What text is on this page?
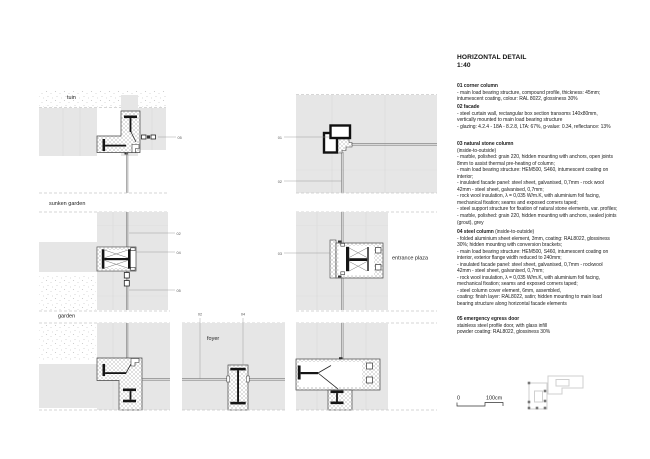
tuin
05	01
02
sunken garden
02
04
05
03
entrance plaza
garden
foyer
02	04
0	100cm
HORIZONTAL DETAIL
1:40
01 corner column
- main load bearing structure, compound profile, thickness: 45mm;
intumescent coating, colour: RAL 8022, glossiness 30%
02 facade
- steel curtain wall, rectangular box section transoms 140x80mm,
vertically mounted to main load bearing structure
- glazing: 4.2.4 - 18A - 8.2.8, LTA: 67%, g-value: 0.34, reflectance: 13%
03 natural stone column
(inside-to-outside)
- marble, polished: grain 220, hidden mounting with anchors, open joints
8mm to assist thermal pre-heating of column;
- main load bearing structure: HEM500, S460, intumescent coating on
interior;
- insulated facade panel: steel sheet, galvanised, 0,7mm - rock wool
42mm - steel sheet, galvanised, 0,7mm;
- rock wool insulation, λ = 0,035 W/m.K, with aluminium foil facing,
mechanical fixation; seams and exposed corners taped;
- steel support structure for fixation of natural stone elements, var. profiles;
- marble, polished: grain 220, hidden mounting with anchors, sealed joints
(grout), grey
04 steel column (inside-to-outside)
- folded aluminium sheet element, 3mm, coating: RAL8022, glossiness
30%; hidden mounting with conversion brackets;
- main load bearing structure: HEM500, S460, intumescent coating on
interior, exterior flange width reduced to 240mm;
- insulated facade panel: steel sheet, galvanised, 0,7mm - rockwool
42mm - steel sheet, galvanised, 0,7mm;
- rock wool insulation, λ = 0,035 W/m.K, with aluminium foil facing,
mechanical fixation; seams and exposed corners taped;
- steel column cover element, 6mm, assembled,
coating: finish layer: RAL8022, satin; hidden mounting to main load
bearing structure along horizontal facade elements
05 emergency egress door
stainless steel profile door, with glass infill
powder coating: RAL8022, glossiness 30%
